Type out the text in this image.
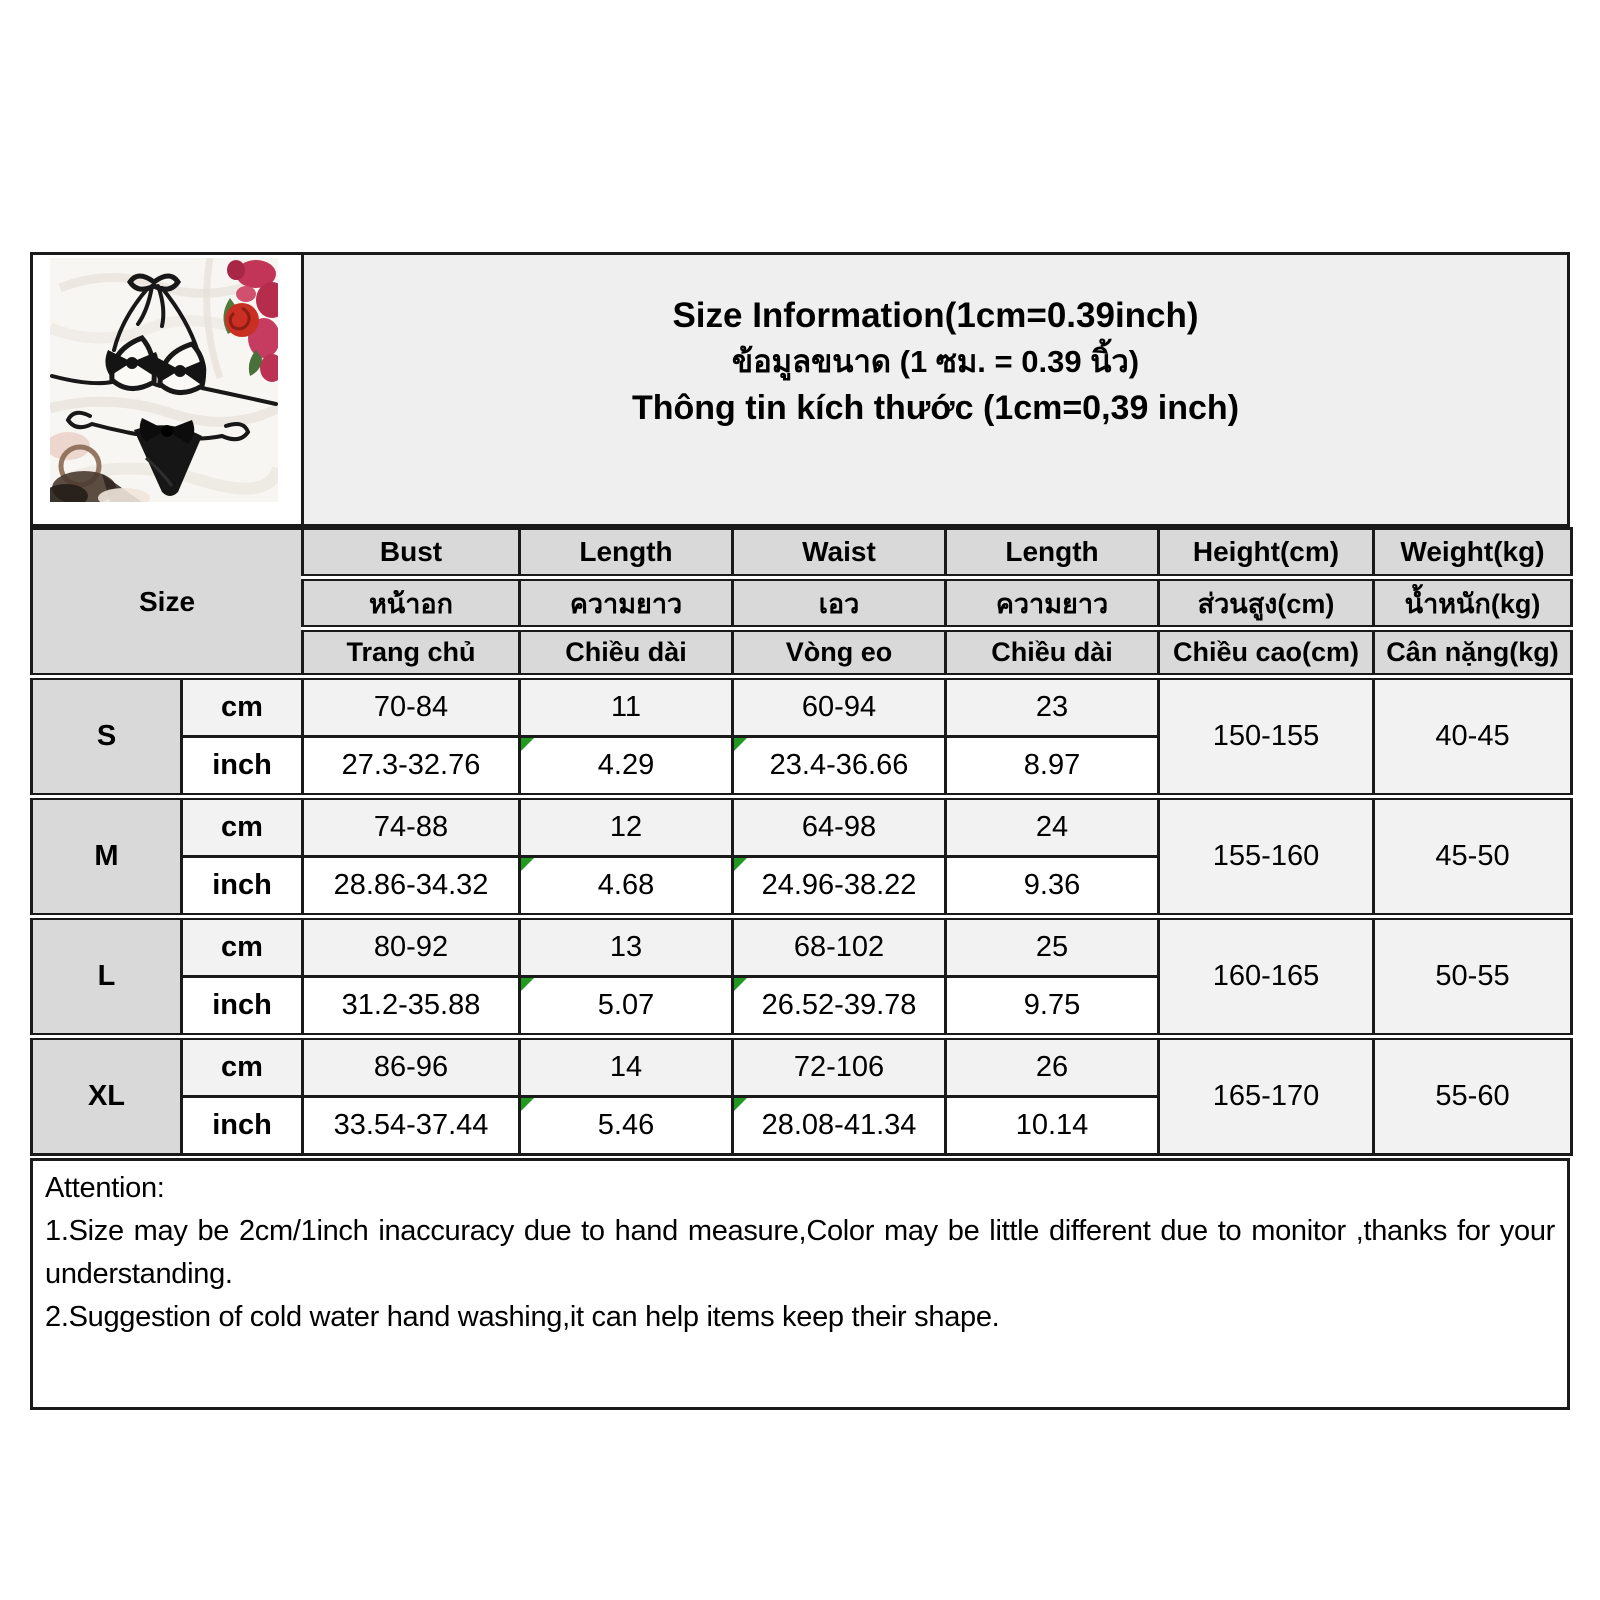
Size Information(1cm=0.39inch)
ข้อมูลขนาด (1 ซม. = 0.39 นิ้ว)
Thông tin kích thước (1cm=0,39 inch)
Size		Bust	Length	Waist	Length	Height(cm)	Weight(kg)
		หน้าอก	ความยาว	เอว	ความยาว	ส่วนสูง(cm)	น้ำหนัก(kg)
		Trang chủ	Chiều dài	Vòng eo	Chiều dài	Chiều cao(cm)	Cân nặng(kg)
S	cm	70-84	11	60-94	23	150-155	40-45
	inch	27.3-32.76	4.29	23.4-36.66	8.97		
M	cm	74-88	12	64-98	24	155-160	45-50
	inch	28.86-34.32	4.68	24.96-38.22	9.36		
L	cm	80-92	13	68-102	25	160-165	50-55
	inch	31.2-35.88	5.07	26.52-39.78	9.75		
XL	cm	86-96	14	72-106	26	165-170	55-60
	inch	33.54-37.44	5.46	28.08-41.34	10.14		
Attention:
1.Size may be 2cm/1inch inaccuracy due to hand measure,Color may be little different due to monitor ,thanks for your understanding.
2.Suggestion of cold water hand washing,it can help items keep their shape.
